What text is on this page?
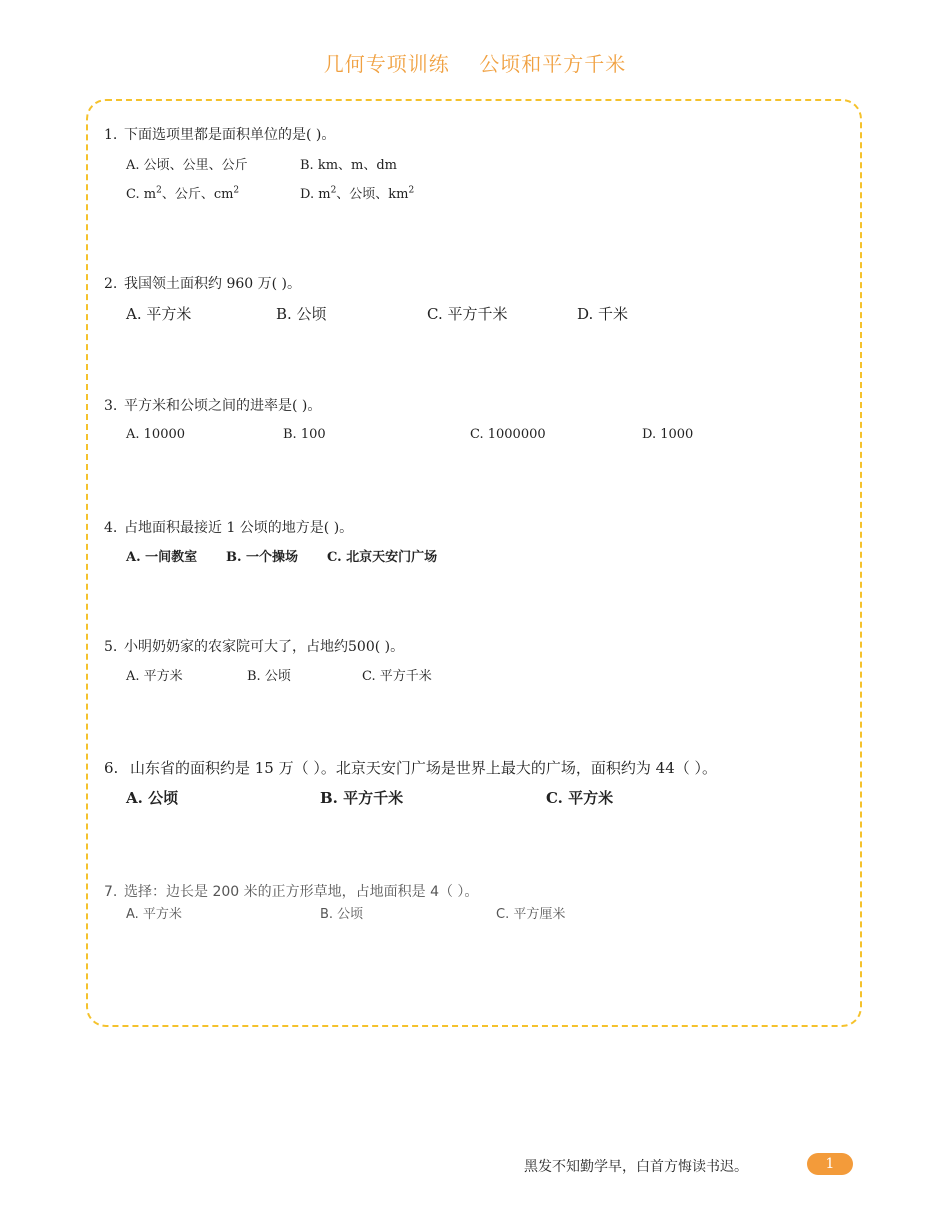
几何专项训练    公顷和平方千米
1. 下面选项里都是面积单位的是( )。
A. 公顷、公里、公斤	B. km、m、dm
C. $m^2$、公斤、$cm^2$	D. $m^2$、公顷、$km^2$
2. 我国领土面积约 960 万( )。
A. 平方米	B. 公顷	C. 平方千米	D. 千米
3. 平方米和公顷之间的进率是( )。
A. 10000	B. 100	C. 1000000	D. 1000
4. 占地面积最接近 1 公顷的地方是( )。
A. 一间教室 B. 一个操场 C. 北京天安门广场
5. 小明奶奶家的农家院可大了，占地约500( )。
A. 平方米	B. 公顷	C. 平方千米
6. 山东省的面积约是 15 万（ ）。北京天安门广场是世界上最大的广场，面积约为 44（ ）。
A. 公顷	B. 平方千米	C. 平方米
7. 选择：边长是 200 米的正方形草地，占地面积是 4（ ）。
A. 平方米	B. 公顷	C. 平方厘米
黑发不知勤学早，白首方悔读书迟。	1
